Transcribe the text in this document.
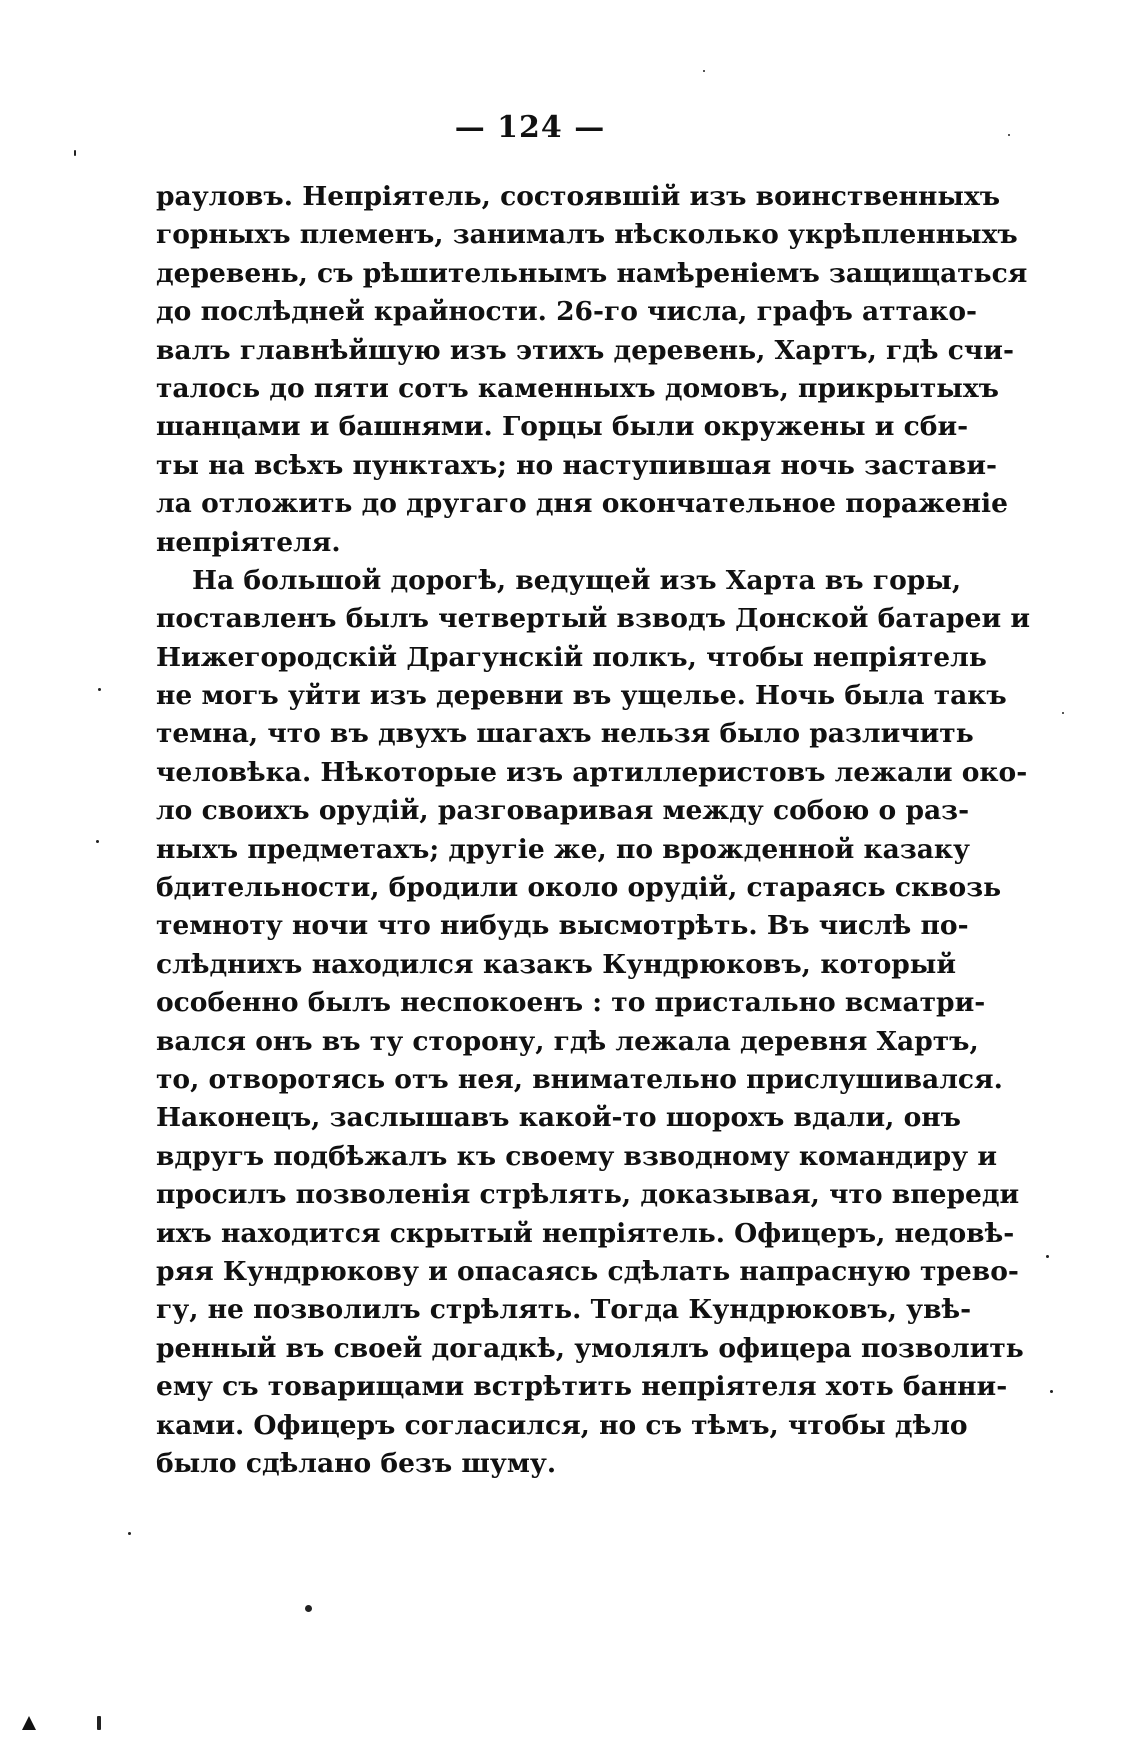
— 124 —
рауловъ. Непріятель, состоявшій изъ воинственныхъ
горныхъ племенъ, занималъ нѣсколько укрѣпленныхъ
деревень, съ рѣшительнымъ намѣреніемъ защищаться
до послѣдней крайности. 26-го числа, графъ аттако-
валъ главнѣйшую изъ этихъ деревень, Хартъ, гдѣ счи-
талось до пяти сотъ каменныхъ домовъ, прикрытыхъ
шанцами и башнями. Горцы были окружены и сби-
ты на всѣхъ пунктахъ; но наступившая ночь застави-
ла отложить до другаго дня окончательное пораженіе
непріятеля.
На большой дорогѣ, ведущей изъ Харта въ горы,
поставленъ былъ четвертый взводъ Донской батареи и
Нижегородскій Драгунскій полкъ, чтобы непріятель
не могъ уйти изъ деревни въ ущелье. Ночь была такъ
темна, что въ двухъ шагахъ нельзя было различить
человѣка. Нѣкоторые изъ артиллеристовъ лежали око-
ло своихъ орудій, разговаривая между собою о раз-
ныхъ предметахъ; другіе же, по врожденной казаку
бдительности, бродили около орудій, стараясь сквозь
темноту ночи что нибудь высмотрѣть. Въ числѣ по-
слѣднихъ находился казакъ Кундрюковъ, который
особенно былъ неспокоенъ : то пристально всматри-
вался онъ въ ту сторону, гдѣ лежала деревня Хартъ,
то, отворотясь отъ нея, внимательно прислушивался.
Наконецъ, заслышавъ какой-то шорохъ вдали, онъ
вдругъ подбѣжалъ къ своему взводному командиру и
просилъ позволенія стрѣлять, доказывая, что впереди
ихъ находится скрытый непріятель. Офицеръ, недовѣ-
ряя Кундрюкову и опасаясь сдѣлать напрасную трево-
гу, не позволилъ стрѣлять. Тогда Кундрюковъ, увѣ-
ренный въ своей догадкѣ, умолялъ офицера позволить
ему съ товарищами встрѣтить непріятеля хоть банни-
ками. Офицеръ согласился, но съ тѣмъ, чтобы дѣло
было сдѣлано безъ шуму.
